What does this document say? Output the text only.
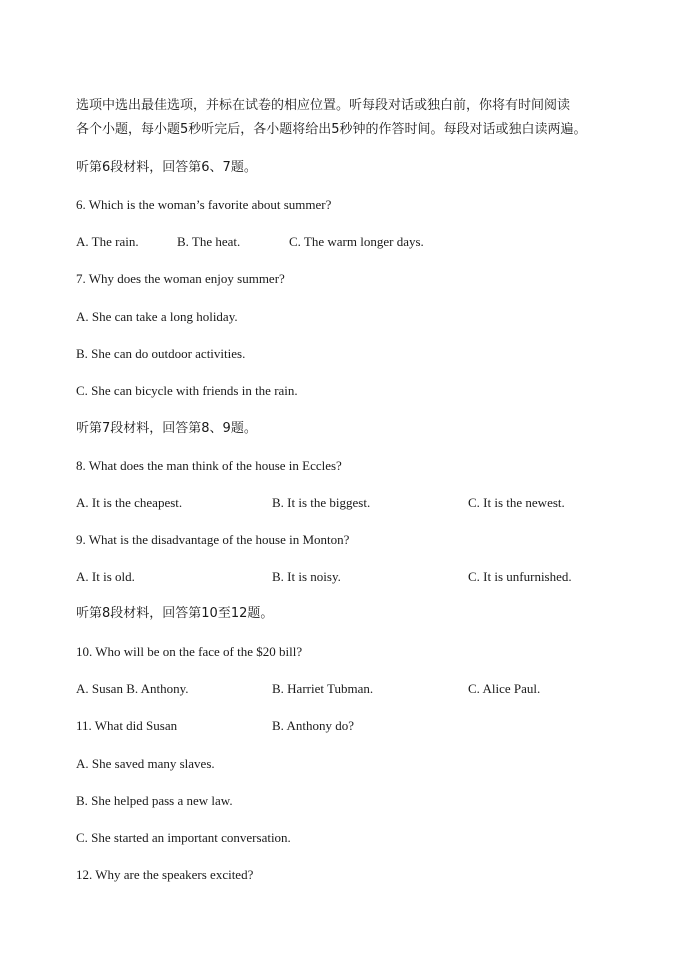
选项中选出最佳选项，并标在试卷的相应位置。听每段对话或独白前，你将有时间阅读
各个小题，每小题5秒听完后，各小题将给出5秒钟的作答时间。每段对话或独白读两遍。
听第6段材料，回答第6、7题。
6. Which is the woman’s favorite about summer?
A. The rain.	B. The heat.	C. The warm longer days.
7. Why does the woman enjoy summer?
A. She can take a long holiday.
B. She can do outdoor activities.
C. She can bicycle with friends in the rain.
听第7段材料，回答第8、9题。
8. What does the man think of the house in Eccles?
A. It is the cheapest.	B. It is the biggest.	C. It is the newest.
9. What is the disadvantage of the house in Monton?
A. It is old.	B. It is noisy.	C. It is unfurnished.
听第8段材料，回答第10至12题。
10. Who will be on the face of the $20 bill?
A. Susan B. Anthony.	B. Harriet Tubman.	C. Alice Paul.
11. What did Susan	B. Anthony do?
A. She saved many slaves.
B. She helped pass a new law.
C. She started an important conversation.
12. Why are the speakers excited?
